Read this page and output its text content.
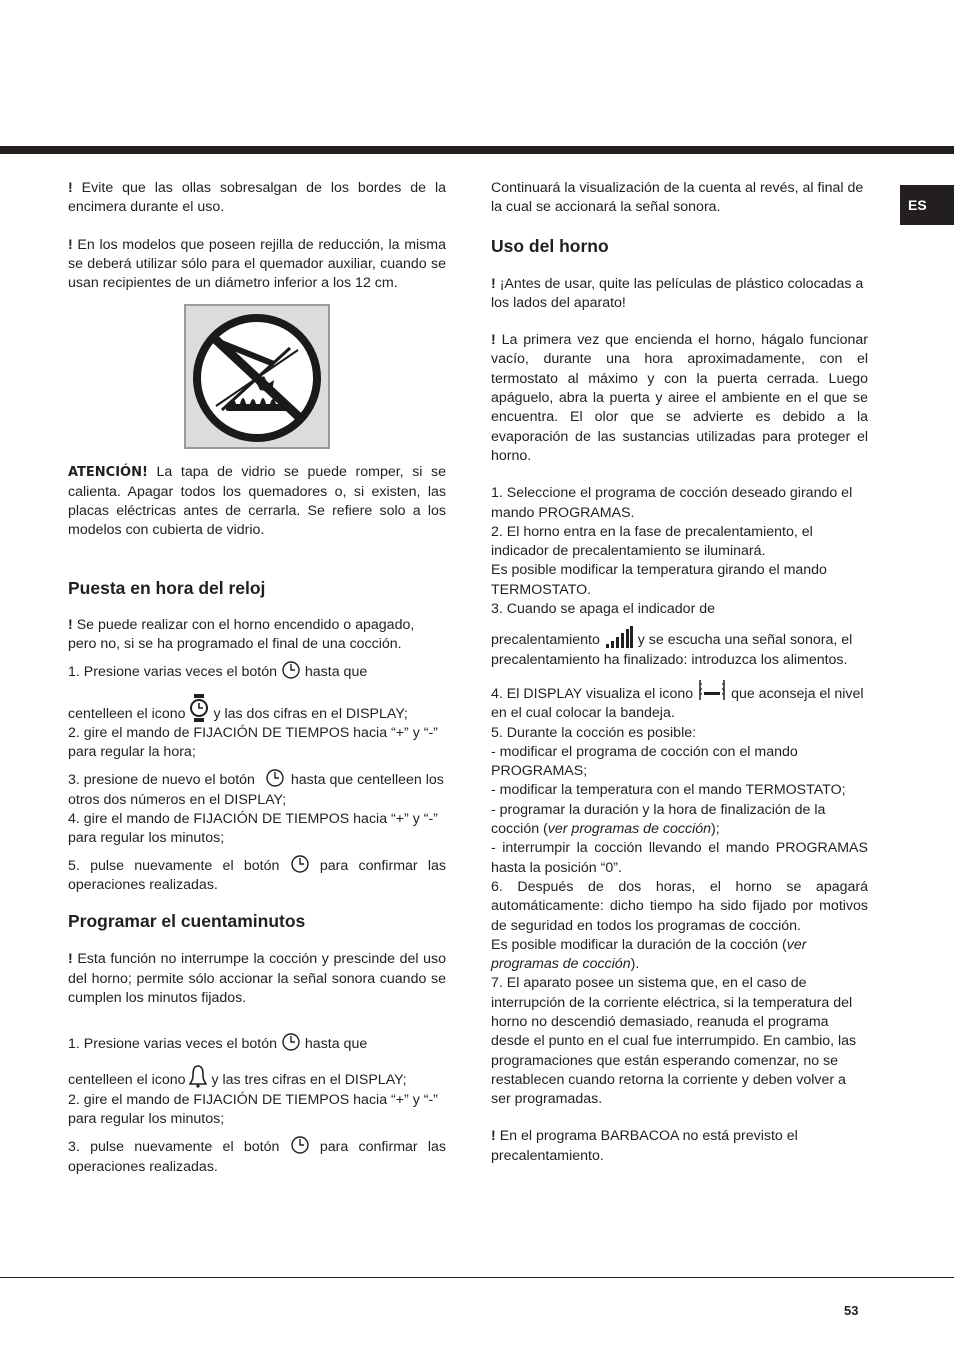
ES

! Evite que las ollas sobresalgan de los bordes de la encimera durante el uso.

! En los modelos que poseen rejilla de reducción, la misma se deberá utilizar sólo para el quemador auxiliar, cuando se usan recipientes de un diámetro inferior a los 12 cm.

ATENCIÓN! La tapa de vidrio se puede romper, si se calienta. Apagar todos los quemadores o, si existen, las placas eléctricas antes de cerrarla. Se refiere solo a los modelos con cubierta de vidrio.

Puesta en hora del reloj

! Se puede realizar con el horno encendido o apagado, pero no, si se ha programado el final de una cocción.

1. Presione varias veces el botón hasta que

centelleen el icono y las dos cifras en el DISPLAY;

2. gire el mando de FIJACIÓN DE TIEMPOS hacia “+” y “-” para regular la hora;

3. presione de nuevo el botón	hasta que centelleen los otros dos números en el DISPLAY;

4. gire el mando de FIJACIÓN DE TIEMPOS hacia “+” y “-” para regular los minutos;

5. pulse nuevamente el botón	para confirmar las operaciones realizadas.

Programar el cuentaminutos

! Esta función no interrumpe la cocción y prescinde del uso del horno; permite sólo accionar la señal sonora cuando se cumplen los minutos fijados.

1. Presione varias veces el botón hasta que

centelleen el icono y las tres cifras en el DISPLAY;

2. gire el mando de FIJACIÓN DE TIEMPOS hacia “+” y “-” para regular los minutos;

3. pulse nuevamente el botón	para confirmar las operaciones realizadas.

Continuará la visualización de la cuenta al revés, al final de la cual se accionará la señal sonora.

Uso del horno

! ¡Antes de usar, quite las películas de plástico colocadas a los lados del aparato!

! La primera vez que encienda el horno, hágalo funcionar vacío, durante una hora aproximadamente, con el termostato al máximo y con la puerta cerrada. Luego apáguelo, abra la puerta y airee el ambiente en el que se encuentra. El olor que se advierte es debido a la evaporación de las sustancias utilizadas para proteger el horno.

1. Seleccione el programa de cocción deseado girando el mando PROGRAMAS.

2. El horno entra en la fase de precalentamiento, el indicador de precalentamiento se iluminará.

Es posible modificar la temperatura girando el mando TERMOSTATO.

3. Cuando se apaga el indicador de

precalentamiento	y se escucha una señal sonora, el precalentamiento ha finalizado: introduzca los alimentos.

4. El DISPLAY visualiza el icono	que aconseja el nivel en el cual colocar la bandeja.

5. Durante la cocción es posible:

- modificar el programa de cocción con el mando PROGRAMAS;

- modificar la temperatura con el mando TERMOSTATO;

- programar la duración y la hora de finalización de la cocción (ver programas de cocción);

- interrumpir la cocción llevando el mando PROGRAMAS hasta la posición “0”.

6. Después de dos horas, el horno se apagará automáticamente: dicho tiempo ha sido fijado por motivos de seguridad en todos los programas de cocción.

Es posible modificar la duración de la cocción (ver programas de cocción).

7. El aparato posee un sistema que, en el caso de interrupción de la corriente eléctrica, si la temperatura del horno no descendió demasiado, reanuda el programa desde el punto en el cual fue interrumpido. En cambio, las programaciones que están esperando comenzar, no se restablecen cuando retorna la corriente y deben volver a ser programadas.

! En el programa BARBACOA no está previsto el precalentamiento.

53
